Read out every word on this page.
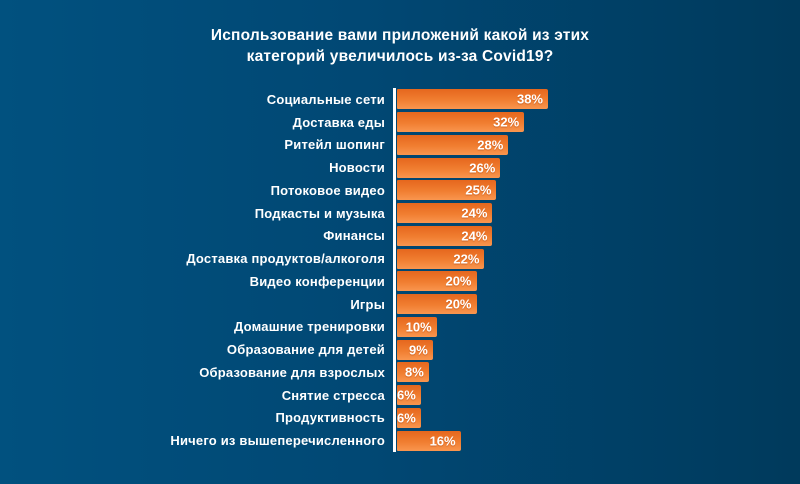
Использование вами приложений какой из этих
категорий увеличилось из-за Covid19?
Социальные сети	38%
Доставка еды	32%
Ритейл шопинг	28%
Новости	26%
Потоковое видео	25%
Подкасты и музыка	24%
Финансы	24%
Доставка продуктов/алкоголя	22%
Видео конференции	20%
Игры	20%
Домашние тренировки 10%
Образование для детей 9%
Образование для взрослых 8%
Снятие стресса 6%
Продуктивность 6%
Ничего из вышеперечисленного	16%
